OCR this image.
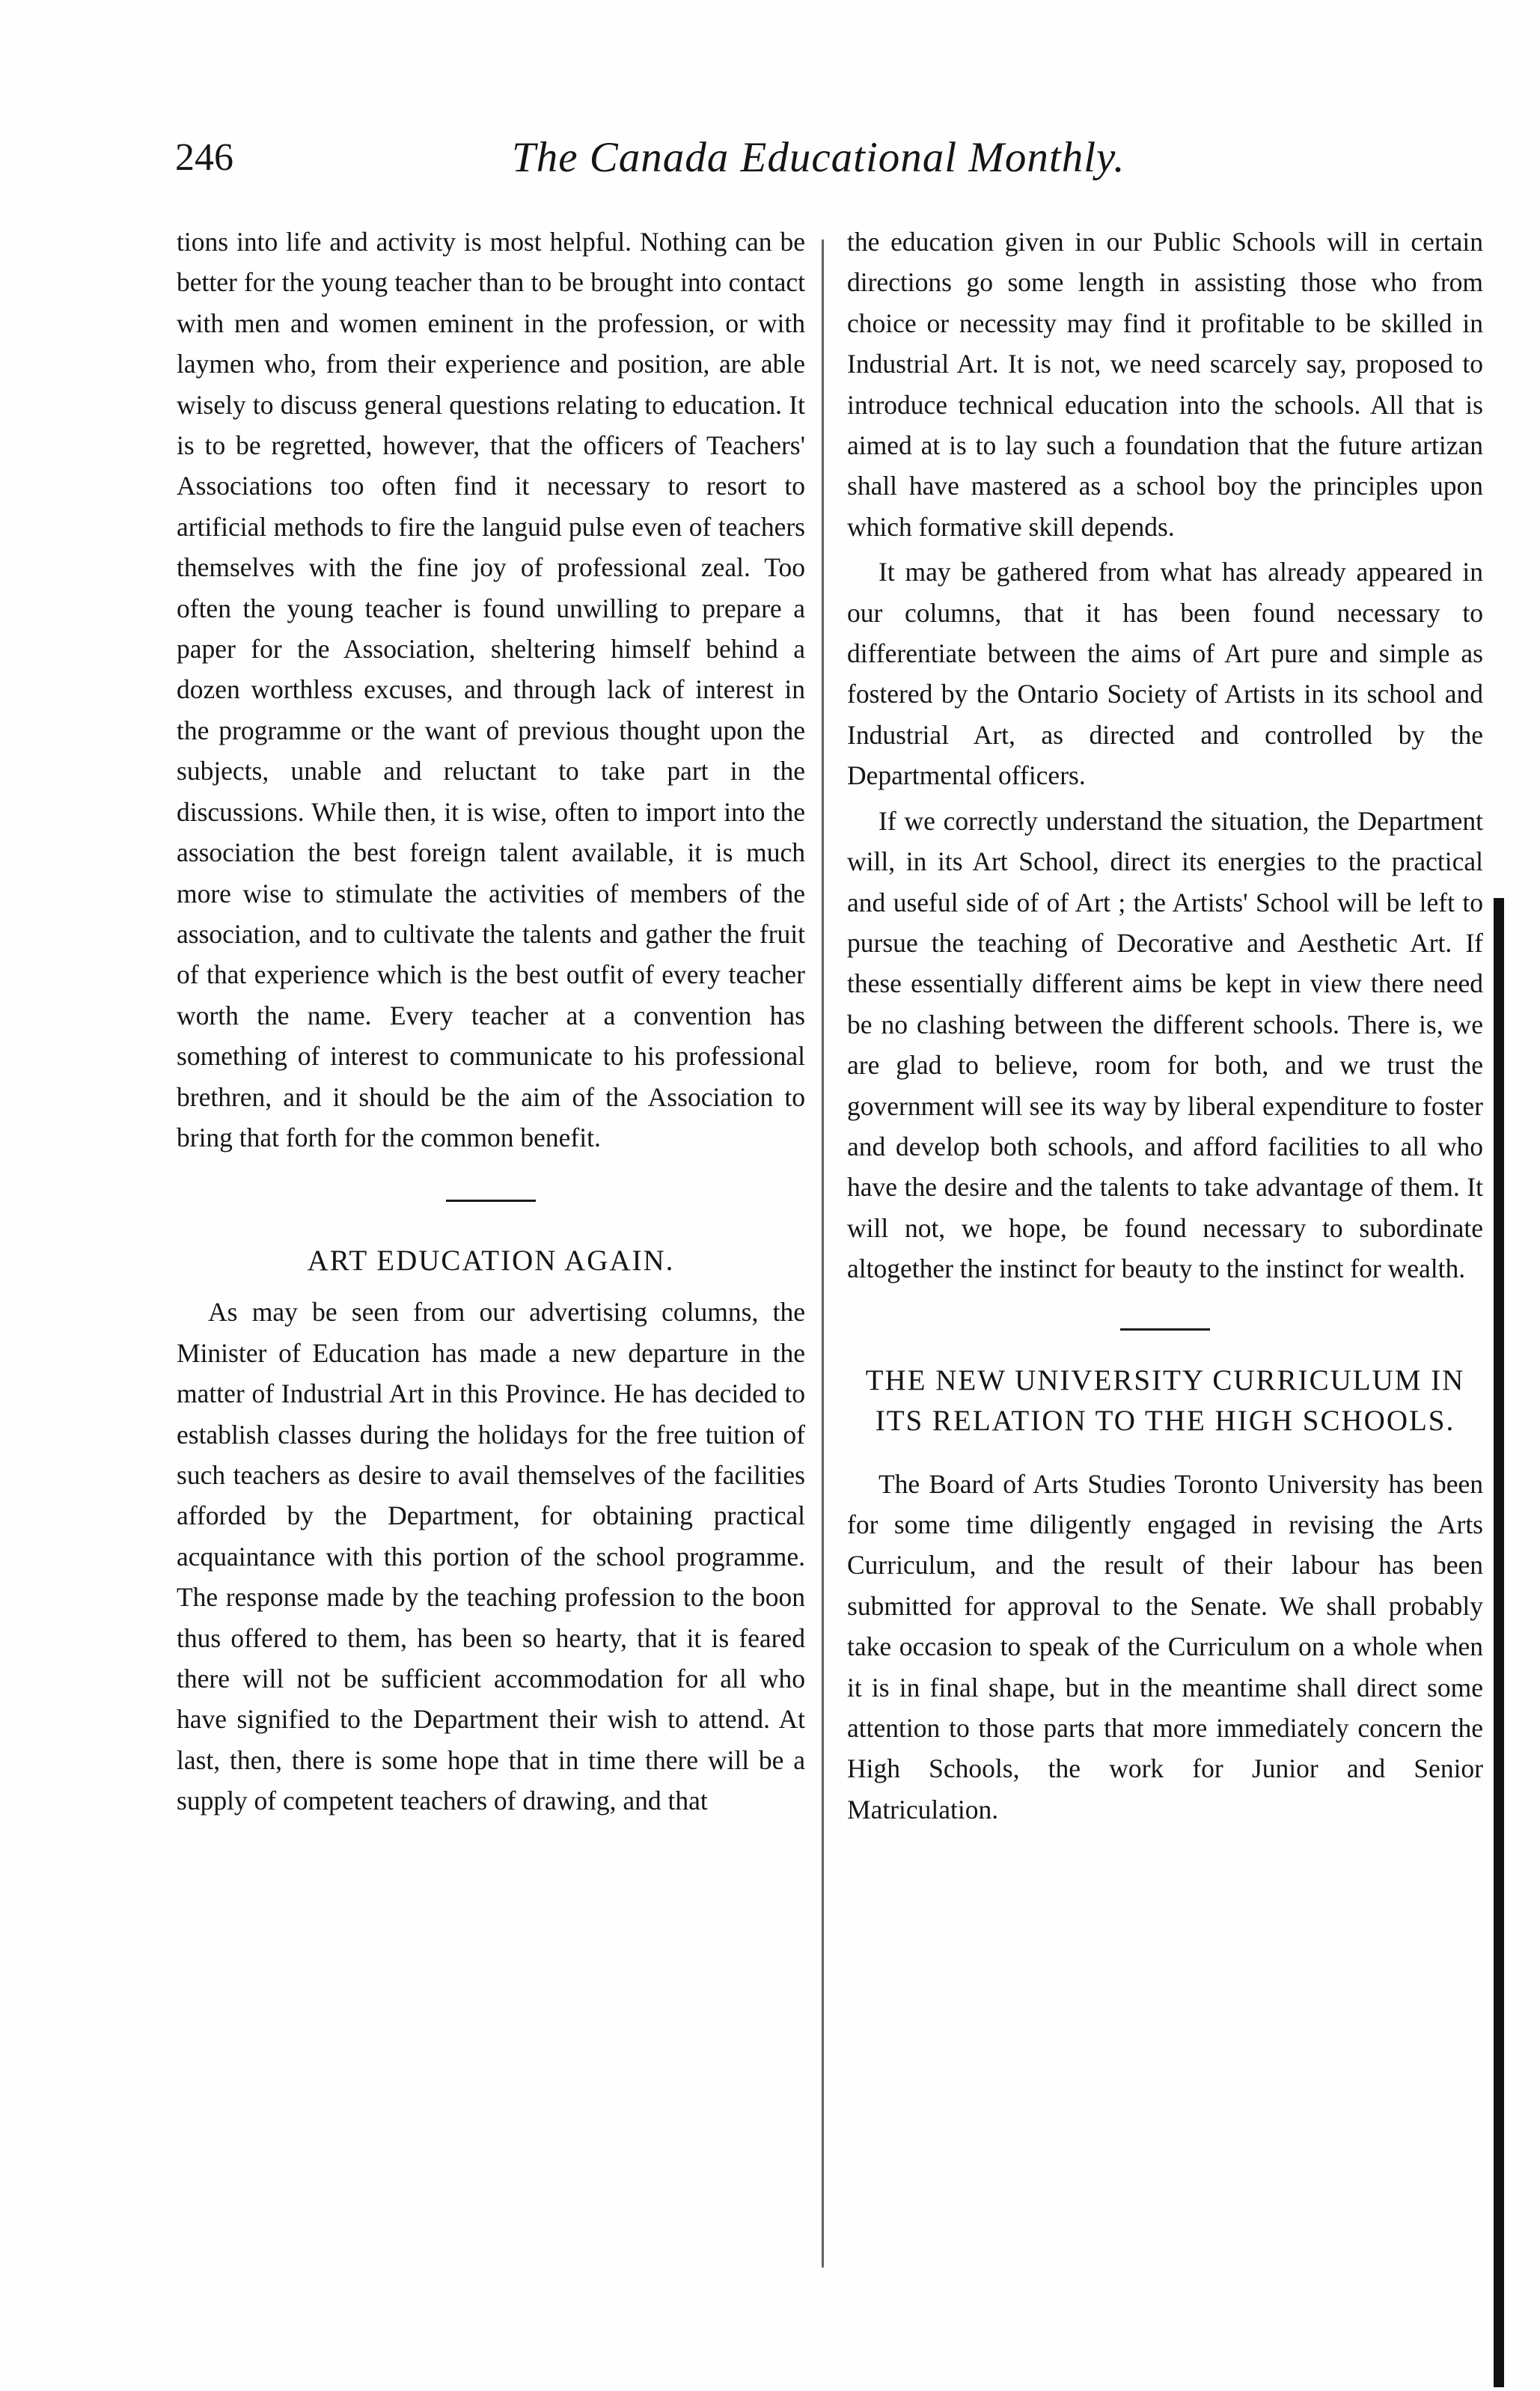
246	The Canada Educational Monthly.

tions into life and activity is most helpful. Nothing can be better for the young teacher than to be brought into contact with men and women eminent in the profession, or with laymen who, from their experience and position, are able wisely to discuss general questions relating to education. It is to be regretted, however, that the officers of Teachers' Associations too often find it necessary to resort to artificial methods to fire the languid pulse even of teachers themselves with the fine joy of professional zeal. Too often the young teacher is found unwilling to prepare a paper for the Association, sheltering himself behind a dozen worthless excuses, and through lack of interest in the programme or the want of previous thought upon the subjects, unable and reluctant to take part in the discussions. While then, it is wise, often to import into the association the best foreign talent available, it is much more wise to stimulate the activities of members of the association, and to cultivate the talents and gather the fruit of that experience which is the best outfit of every teacher worth the name. Every teacher at a convention has something of interest to communicate to his professional brethren, and it should be the aim of the Association to bring that forth for the common benefit.

ART EDUCATION AGAIN.

As may be seen from our advertising columns, the Minister of Education has made a new departure in the matter of Industrial Art in this Province. He has decided to establish classes during the holidays for the free tuition of such teachers as desire to avail themselves of the facilities afforded by the Department, for obtaining practical acquaintance with this portion of the school programme. The response made by the teaching profession to the boon thus offered to them, has been so hearty, that it is feared there will not be sufficient accommodation for all who have signified to the Department their wish to attend. At last, then, there is some hope that in time there will be a supply of competent teachers of drawing, and that

the education given in our Public Schools will in certain directions go some length in assisting those who from choice or necessity may find it profitable to be skilled in Industrial Art. It is not, we need scarcely say, proposed to introduce technical education into the schools. All that is aimed at is to lay such a foundation that the future artizan shall have mastered as a school boy the principles upon which formative skill depends.

It may be gathered from what has already appeared in our columns, that it has been found necessary to differentiate between the aims of Art pure and simple as fostered by the Ontario Society of Artists in its school and Industrial Art, as directed and controlled by the Departmental officers.

If we correctly understand the situation, the Department will, in its Art School, direct its energies to the practical and useful side of of Art ; the Artists' School will be left to pursue the teaching of Decorative and Aesthetic Art. If these essentially different aims be kept in view there need be no clashing between the different schools. There is, we are glad to believe, room for both, and we trust the government will see its way by liberal expenditure to foster and develop both schools, and afford facilities to all who have the desire and the talents to take advantage of them. It will not, we hope, be found necessary to subordinate altogether the instinct for beauty to the instinct for wealth.

THE NEW UNIVERSITY CURRICULUM IN ITS RELATION TO THE HIGH SCHOOLS.

The Board of Arts Studies Toronto University has been for some time diligently engaged in revising the Arts Curriculum, and the result of their labour has been submitted for approval to the Senate. We shall probably take occasion to speak of the Curriculum on a whole when it is in final shape, but in the meantime shall direct some attention to those parts that more immediately concern the High Schools, the work for Junior and Senior Matriculation.
